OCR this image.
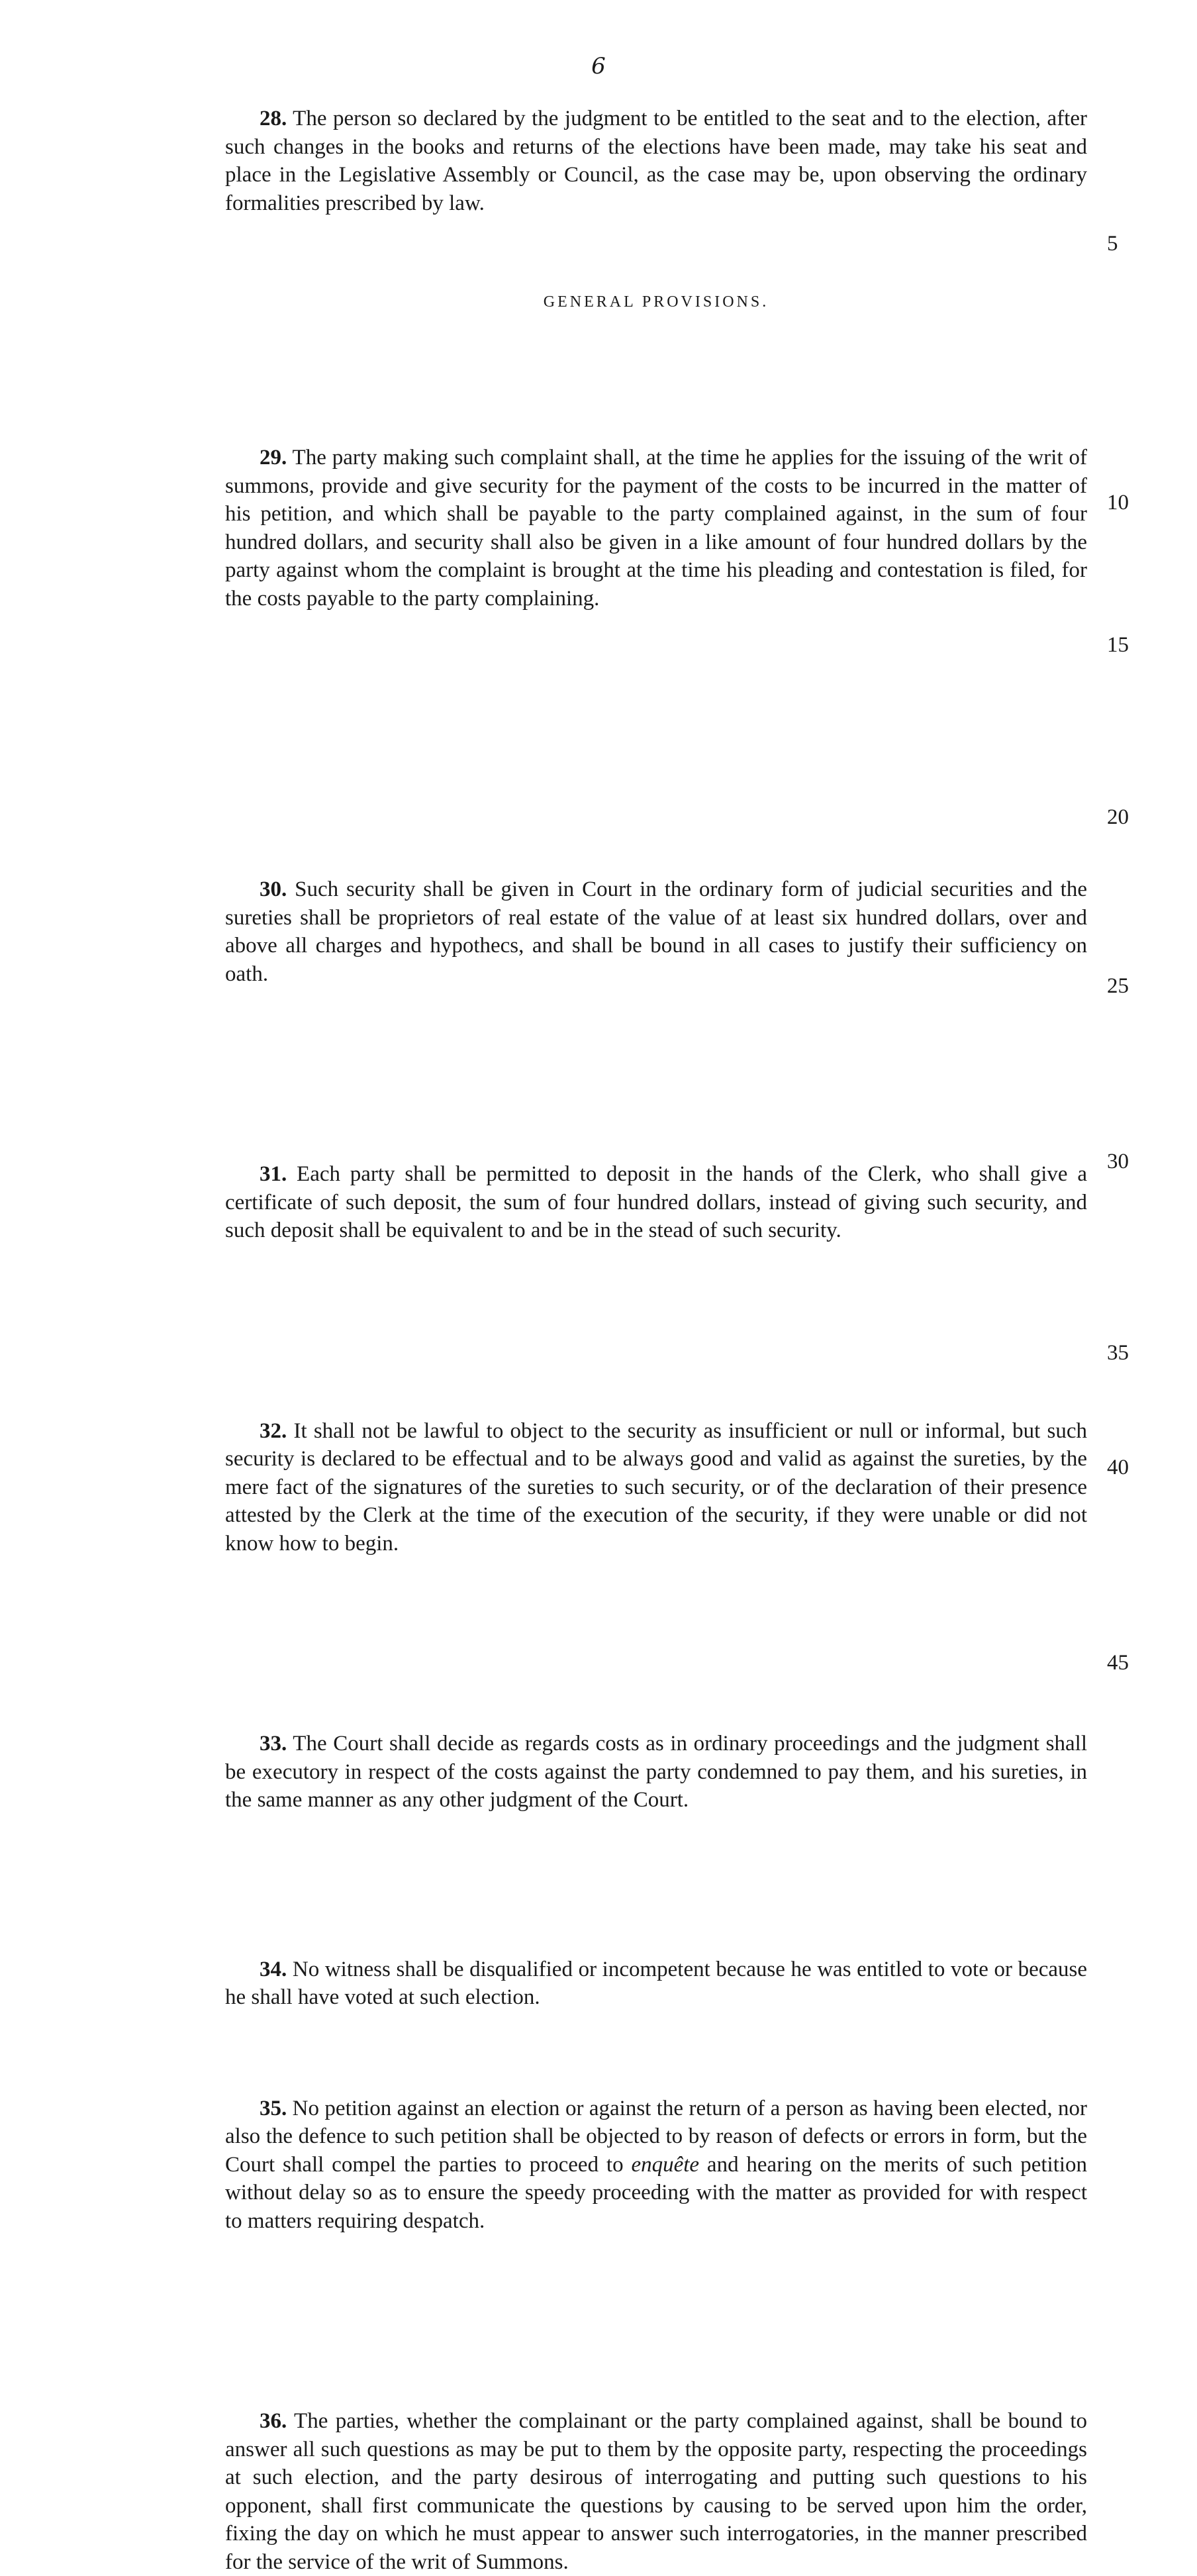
6

28. The person so declared by the judgment to be entitled to the seat and to the election, after such changes in the books and returns of the elections have been made, may take his seat and place in the Legislative Assembly or Council, as the case may be, upon observing the ordinary formalities prescribed by law.

GENERAL PROVISIONS.

29. The party making such complaint shall, at the time he applies for the issuing of the writ of summons, provide and give security for the payment of the costs to be incurred in the matter of his petition, and which shall be payable to the party complained against, in the sum of four hundred dollars, and security shall also be given in a like amount of four hundred dollars by the party against whom the complaint is brought at the time his pleading and contestation is filed, for the costs payable to the party complaining.

30. Such security shall be given in Court in the ordinary form of judicial securities and the sureties shall be proprietors of real estate of the value of at least six hundred dollars, over and above all charges and hypothecs, and shall be bound in all cases to justify their sufficiency on oath.

31. Each party shall be permitted to deposit in the hands of the Clerk, who shall give a certificate of such deposit, the sum of four hundred dollars, instead of giving such security, and such deposit shall be equivalent to and be in the stead of such security.

32. It shall not be lawful to object to the security as insufficient or null or informal, but such security is declared to be effectual and to be always good and valid as against the sureties, by the mere fact of the signatures of the sureties to such security, or of the declaration of their presence attested by the Clerk at the time of the execution of the security, if they were unable or did not know how to begin.

33. The Court shall decide as regards costs as in ordinary proceedings and the judgment shall be executory in respect of the costs against the party condemned to pay them, and his sureties, in the same manner as any other judgment of the Court.

34. No witness shall be disqualified or incompetent because he was entitled to vote or because he shall have voted at such election.

35. No petition against an election or against the return of a person as having been elected, nor also the defence to such petition shall be objected to by reason of defects or errors in form, but the Court shall compel the parties to proceed to enquête and hearing on the merits of such petition without delay so as to ensure the speedy proceeding with the matter as provided for with respect to matters requiring despatch.

36. The parties, whether the complainant or the party complained against, shall be bound to answer all such questions as may be put to them by the opposite party, respecting the proceedings at such election, and the party desirous of interrogating and putting such questions to his opponent, shall first communicate the questions by causing to be served upon him the order, fixing the day on which he must appear to answer such interrogatories, in the manner prescribed for the service of the writ of Summons.

5
10
15
20
25
30
35
40
45
